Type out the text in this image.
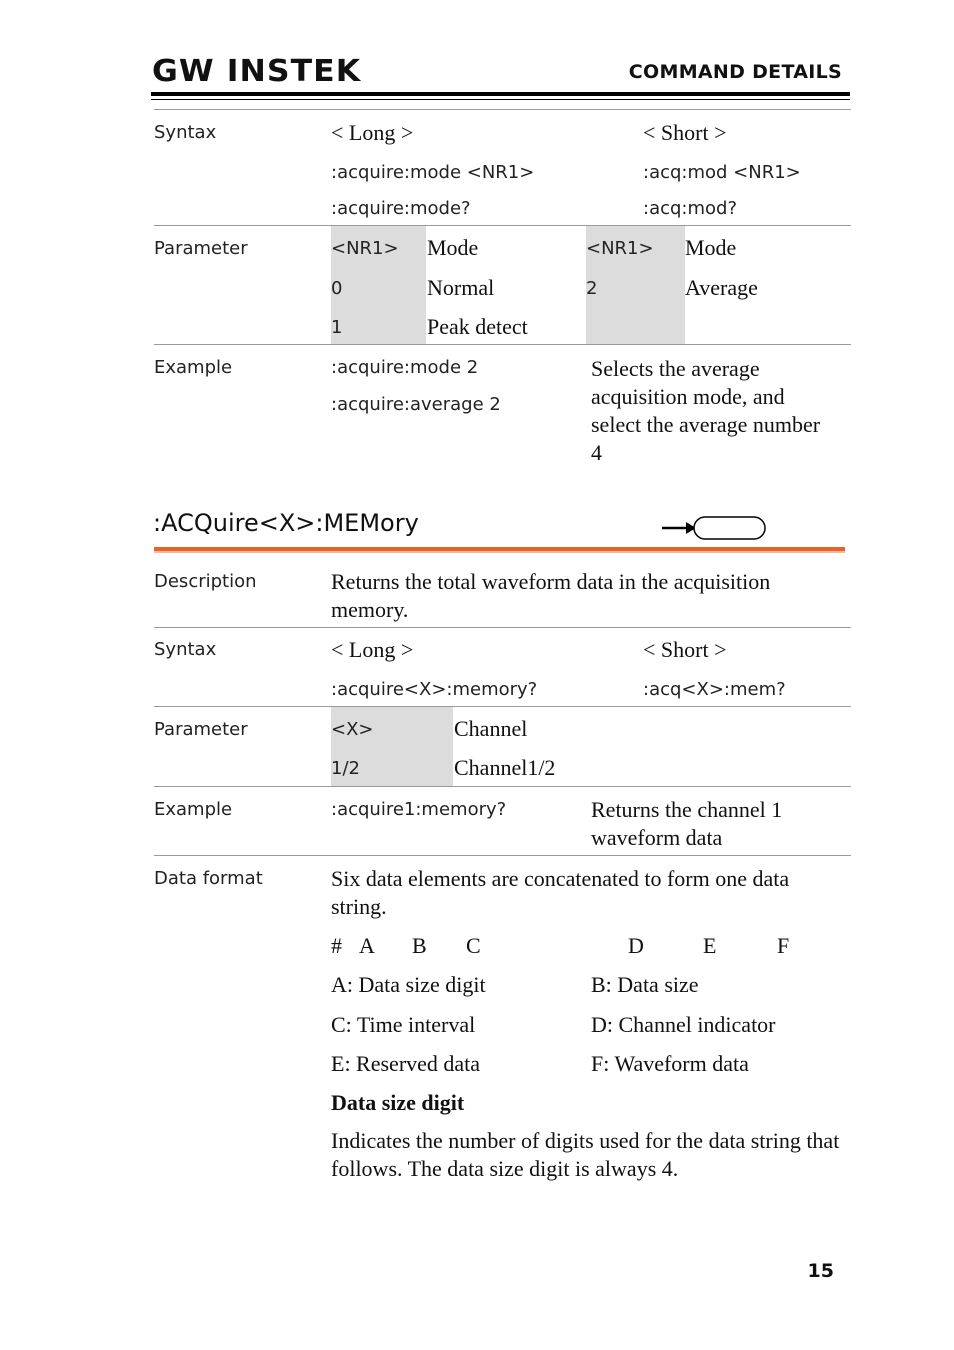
GW INSTEK	COMMAND DETAILS
Syntax	< Long >	< Short >
:acquire:mode <NR1>	:acq:mod <NR1>
:acquire:mode?	:acq:mod?
Parameter	<NR1> Mode
0	Normal
1	Peak detect
<NR1> Mode
2	Average
Example	:acquire:mode 2
:acquire:average 2
Selects the average acquisition mode, and select the average number 4
:ACQuire<X>:MEMory
Description	Returns the total waveform data in the acquisition memory.
Syntax	< Long >	< Short >
:acquire<X>:memory?	:acq<X>:mem?
Parameter	<X>	Channel
1/2	Channel1/2
Example	:acquire1:memory?	Returns the channel 1 waveform data
Data format	Six data elements are concatenated to form one data string.
# A B C	D	E	F
A: Data size digit	B: Data size
C: Time interval	D: Channel indicator
E: Reserved data	F: Waveform data
Data size digit
Indicates the number of digits used for the data string that follows. The data size digit is always 4.
15
